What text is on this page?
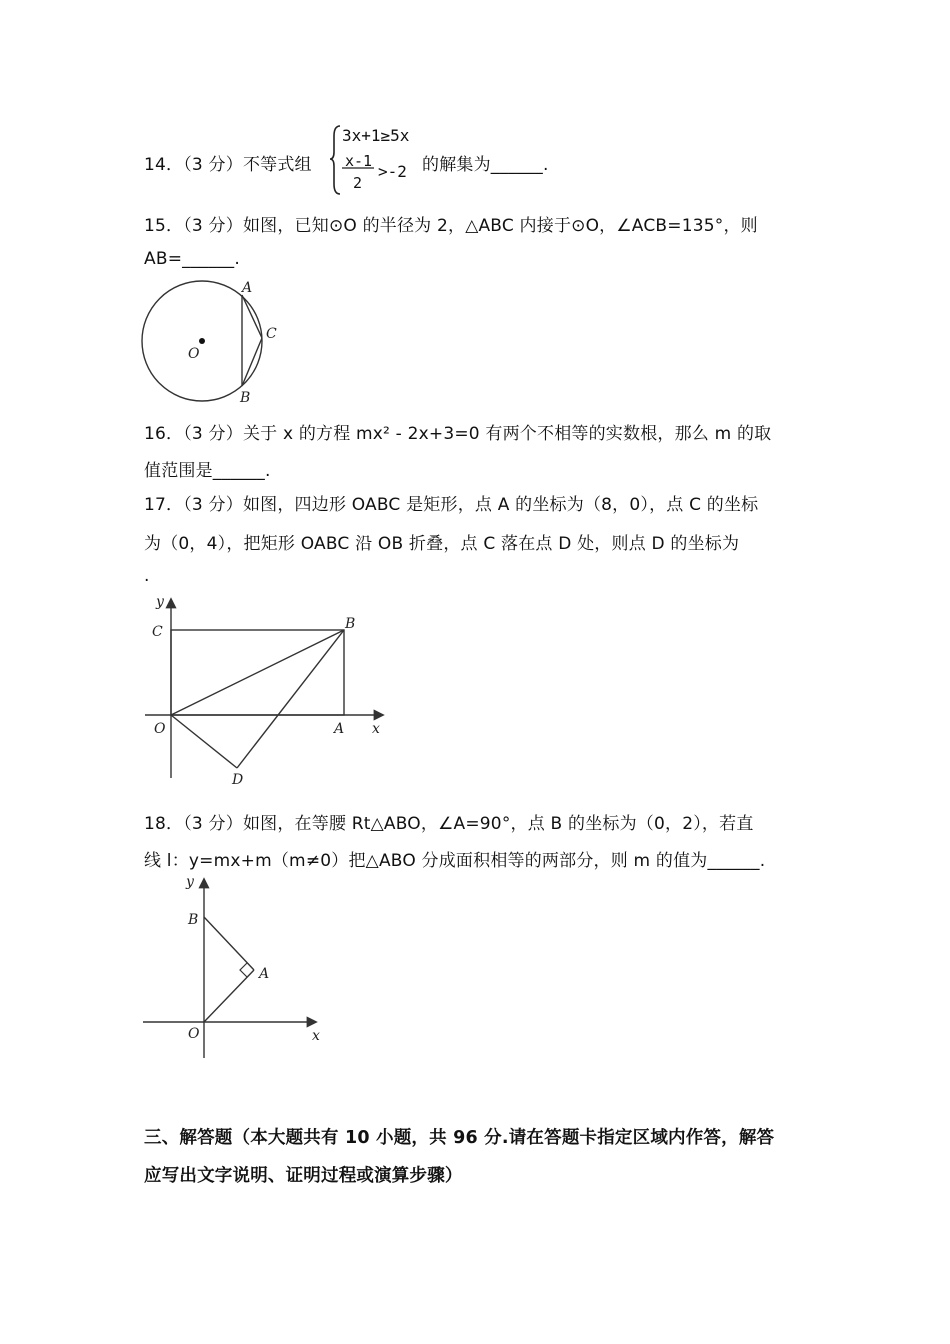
14．（3 分）不等式组
3x+1≥5x
x-1
2
>-2 的解集为______.
15．（3 分）如图，已知⊙O 的半径为 2，△ABC 内接于⊙O，∠ACB=135°，则
AB=______.
A
B
C
O
16．（3 分）关于 x 的方程 mx² - 2x+3=0 有两个不相等的实数根，那么 m 的取
值范围是______.
17．（3 分）如图，四边形 OABC 是矩形，点 A 的坐标为（8，0），点 C 的坐标
为（0，4），把矩形 OABC 沿 OB 折叠，点 C 落在点 D 处，则点 D 的坐标为
.
y
x
C	B
O	A
D
18．（3 分）如图，在等腰 Rt△ABO，∠A=90°，点 B 的坐标为（0，2），若直
线 l：y=mx+m（m≠0）把△ABO 分成面积相等的两部分，则 m 的值为______.
y
x
B
A
O
三、解答题（本大题共有 10 小题，共 96 分.请在答题卡指定区域内作答，解答
应写出文字说明、证明过程或演算步骤）
